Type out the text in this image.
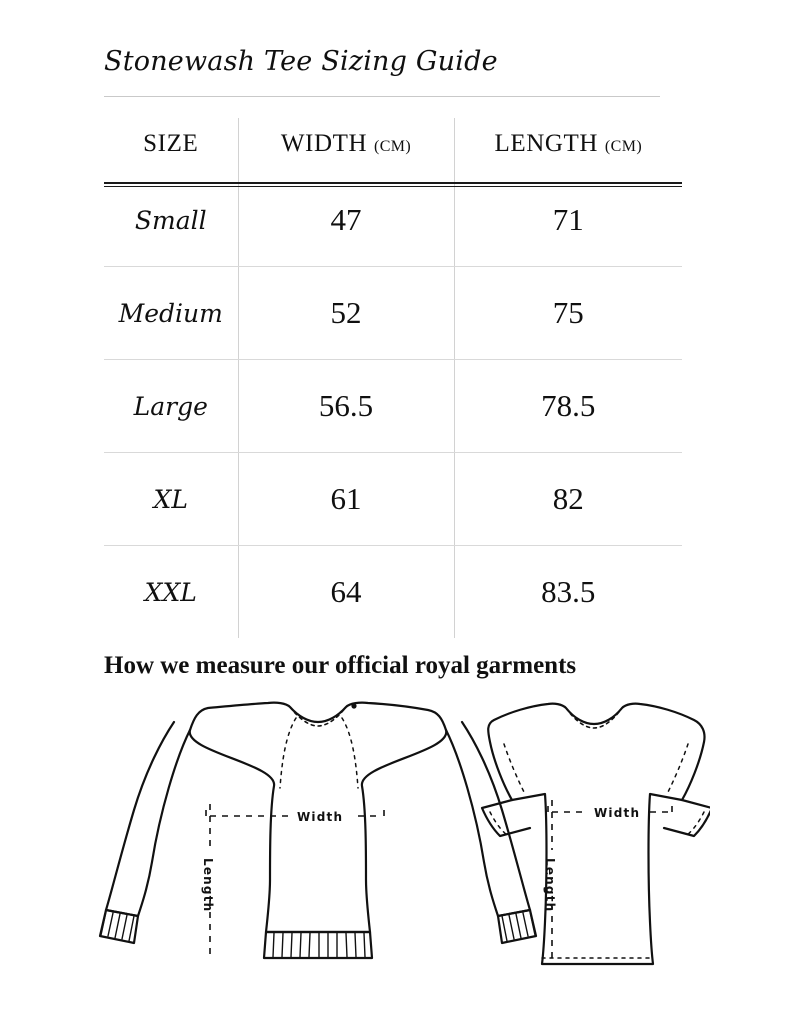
Stonewash Tee Sizing Guide
SIZE	WIDTH (CM)	LENGTH (CM)
Small	47	71
Medium	52	75
Large	56.5	78.5
XL	61	82
XXL	64	83.5
How we measure our official royal garments
Width
Length
Width
Length
